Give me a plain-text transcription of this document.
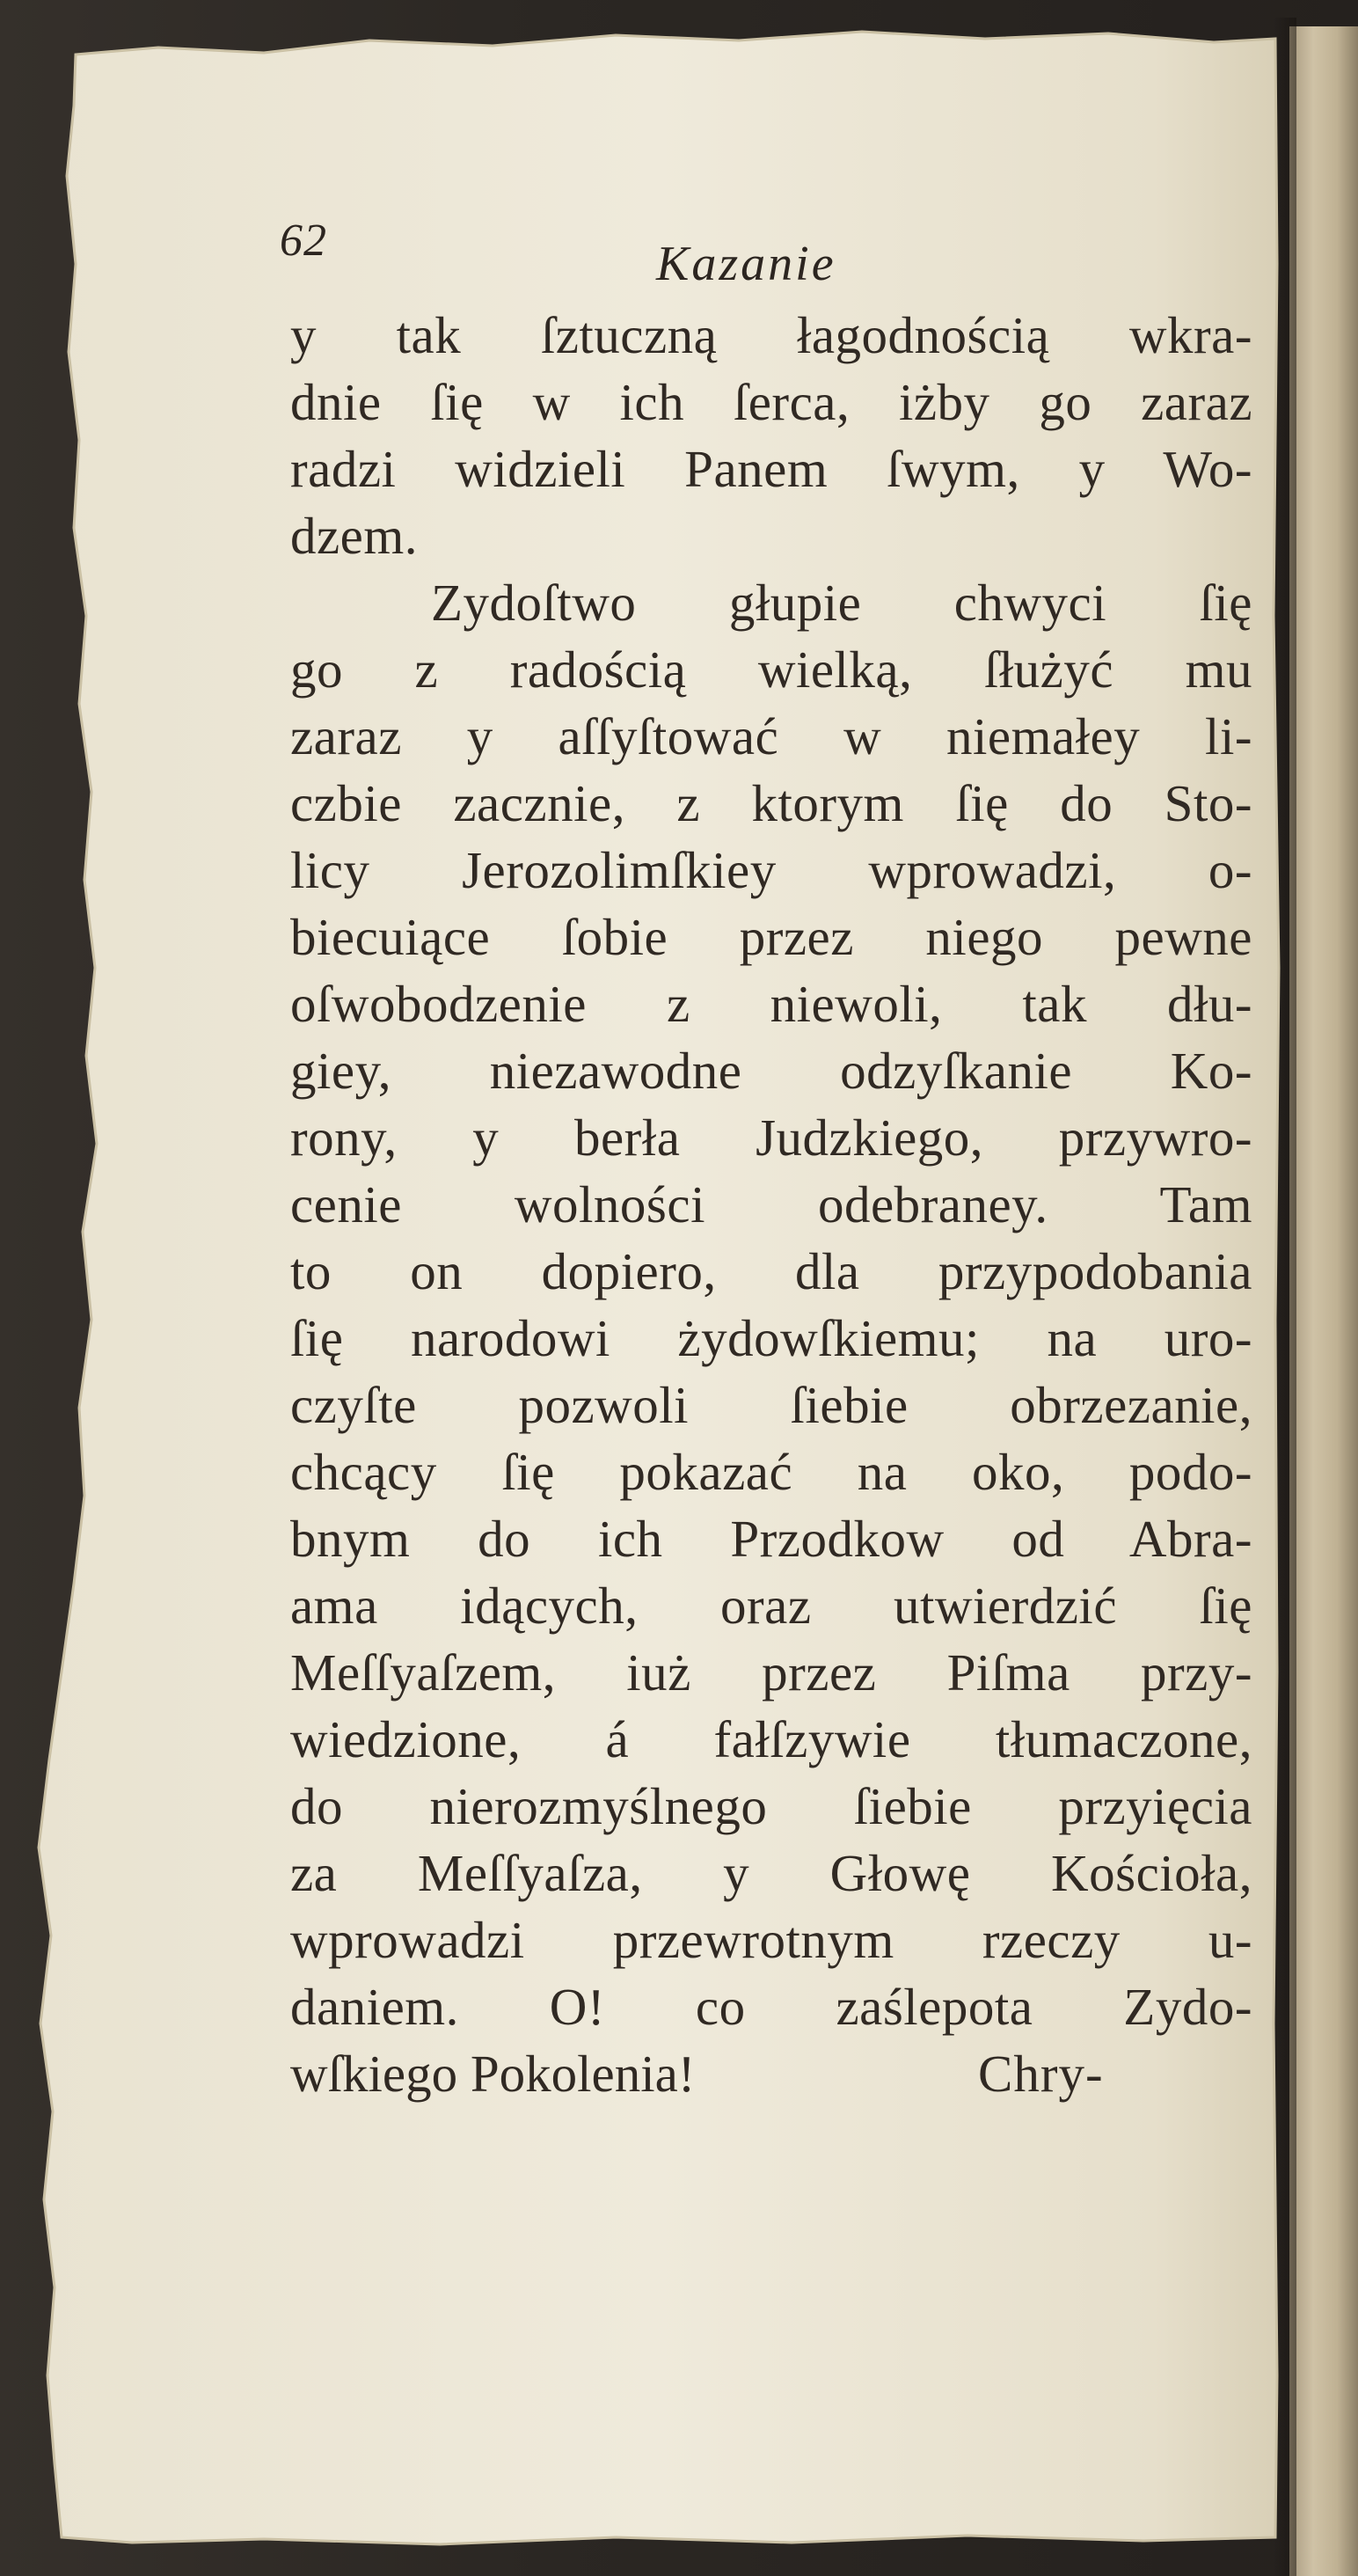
62	Kazanie
y tak ſztuczną łagodnością wkra-
dnie ſię w ich ſerca, iżby go zaraz
radzi widzieli Panem ſwym, y Wo-
dzem.
Zydoſtwo głupie chwyci ſię
go z radością wielką, ſłużyć mu
zaraz y aſſyſtować w niemałey li-
czbie zacznie, z ktorym ſię do Sto-
licy Jerozolimſkiey wprowadzi, o-
biecuiące ſobie przez niego pewne
oſwobodzenie z niewoli, tak dłu-
giey, niezawodne odzyſkanie Ko-
rony, y berła Judzkiego, przywro-
cenie wolności odebraney. Tam
to on dopiero, dla przypodobania
ſię narodowi żydowſkiemu; na uro-
czyſte pozwoli ſiebie obrzezanie,
chcący ſię pokazać na oko, podo-
bnym do ich Przodkow od Abra-
ama idących, oraz utwierdzić ſię
Meſſyaſzem, iuż przez Piſma przy-
wiedzione, á fałſzywie tłumaczone,
do nierozmyślnego ſiebie przyięcia
za Meſſyaſza, y Głowę Kościoła,
wprowadzi przewrotnym rzeczy u-
daniem. O! co zaślepota Zydo-
wſkiego Pokolenia!	Chry-
